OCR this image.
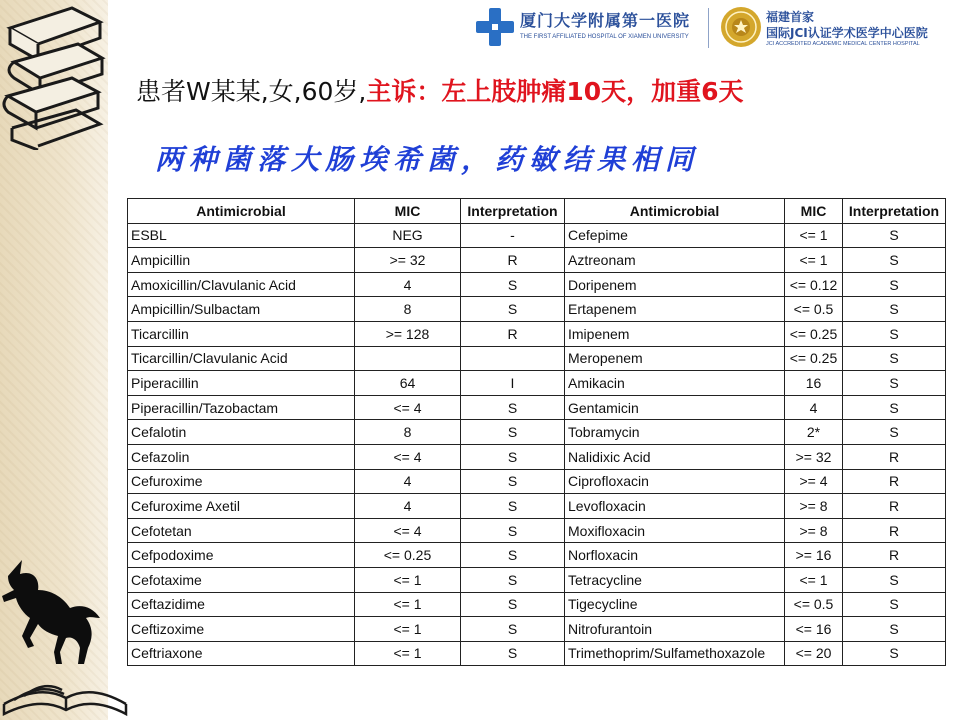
厦门大学附属第一医院
THE FIRST AFFILIATED HOSPITAL OF XIAMEN UNIVERSITY
福建首家
国际JCI认证学术医学中心医院
JCI ACCREDITED ACADEMIC MEDICAL CENTER HOSPITAL
患者W某某,女,60岁,主诉：左上肢肿痛10天，加重6天
两种菌落大肠埃希菌，药敏结果相同
Antimicrobial	MIC	Interpretation	Antimicrobial	MIC	Interpretation
ESBL	NEG	-	Cefepime	<= 1	S
Ampicillin	>= 32	R	Aztreonam	<= 1	S
Amoxicillin/Clavulanic Acid	4	S	Doripenem	<= 0.12	S
Ampicillin/Sulbactam	8	S	Ertapenem	<= 0.5	S
Ticarcillin	>= 128	R	Imipenem	<= 0.25	S
Ticarcillin/Clavulanic Acid			Meropenem	<= 0.25	S
Piperacillin	64	I	Amikacin	16	S
Piperacillin/Tazobactam	<= 4	S	Gentamicin	4	S
Cefalotin	8	S	Tobramycin	2*	S
Cefazolin	<= 4	S	Nalidixic Acid	>= 32	R
Cefuroxime	4	S	Ciprofloxacin	>= 4	R
Cefuroxime Axetil	4	S	Levofloxacin	>= 8	R
Cefotetan	<= 4	S	Moxifloxacin	>= 8	R
Cefpodoxime	<= 0.25	S	Norfloxacin	>= 16	R
Cefotaxime	<= 1	S	Tetracycline	<= 1	S
Ceftazidime	<= 1	S	Tigecycline	<= 0.5	S
Ceftizoxime	<= 1	S	Nitrofurantoin	<= 16	S
Ceftriaxone	<= 1	S	Trimethoprim/Sulfamethoxazole	<= 20	S
